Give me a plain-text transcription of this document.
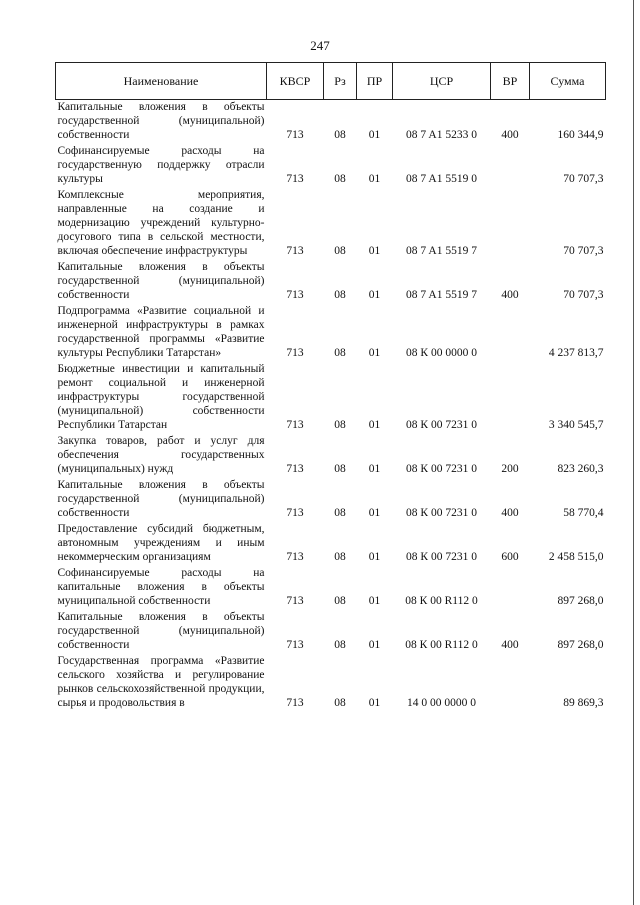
247
Наименование	КВСР	Рз	ПР	ЦСР	ВР	Сумма
Капитальные вложения в объекты государственной (муниципальной) собственности	713	08	01	08 7 A1 5233 0	400	160 344,9
Софинансируемые расходы на государственную поддержку отрасли культуры	713	08	01	08 7 A1 5519 0		70 707,3
Комплексные мероприятия, направленные на создание и модернизацию учреждений культурно-досугового типа в сельской местности, включая обеспечение инфраструктуры	713	08	01	08 7 A1 5519 7		70 707,3
Капитальные вложения в объекты государственной (муниципальной) собственности	713	08	01	08 7 A1 5519 7	400	70 707,3
Подпрограмма «Развитие социальной и инженерной инфраструктуры в рамках государственной программы «Развитие культуры Республики Татарстан»	713	08	01	08 К 00 0000 0		4 237 813,7
Бюджетные инвестиции и капитальный ремонт социальной и инженерной инфраструктуры государственной (муниципальной) собственности Республики Татарстан	713	08	01	08 К 00 7231 0		3 340 545,7
Закупка товаров, работ и услуг для обеспечения государственных (муниципальных) нужд	713	08	01	08 К 00 7231 0	200	823 260,3
Капитальные вложения в объекты государственной (муниципальной) собственности	713	08	01	08 К 00 7231 0	400	58 770,4
Предоставление субсидий бюджетным, автономным учреждениям и иным некоммерческим организациям	713	08	01	08 К 00 7231 0	600	2 458 515,0
Софинансируемые расходы на капитальные вложения в объекты муниципальной собственности	713	08	01	08 К 00 R112 0		897 268,0
Капитальные вложения в объекты государственной (муниципальной) собственности	713	08	01	08 К 00 R112 0	400	897 268,0
Государственная программа «Развитие сельского хозяйства и регулирование рынков сельскохозяйственной продукции, сырья и продовольствия в	713	08	01	14 0 00 0000 0		89 869,3
